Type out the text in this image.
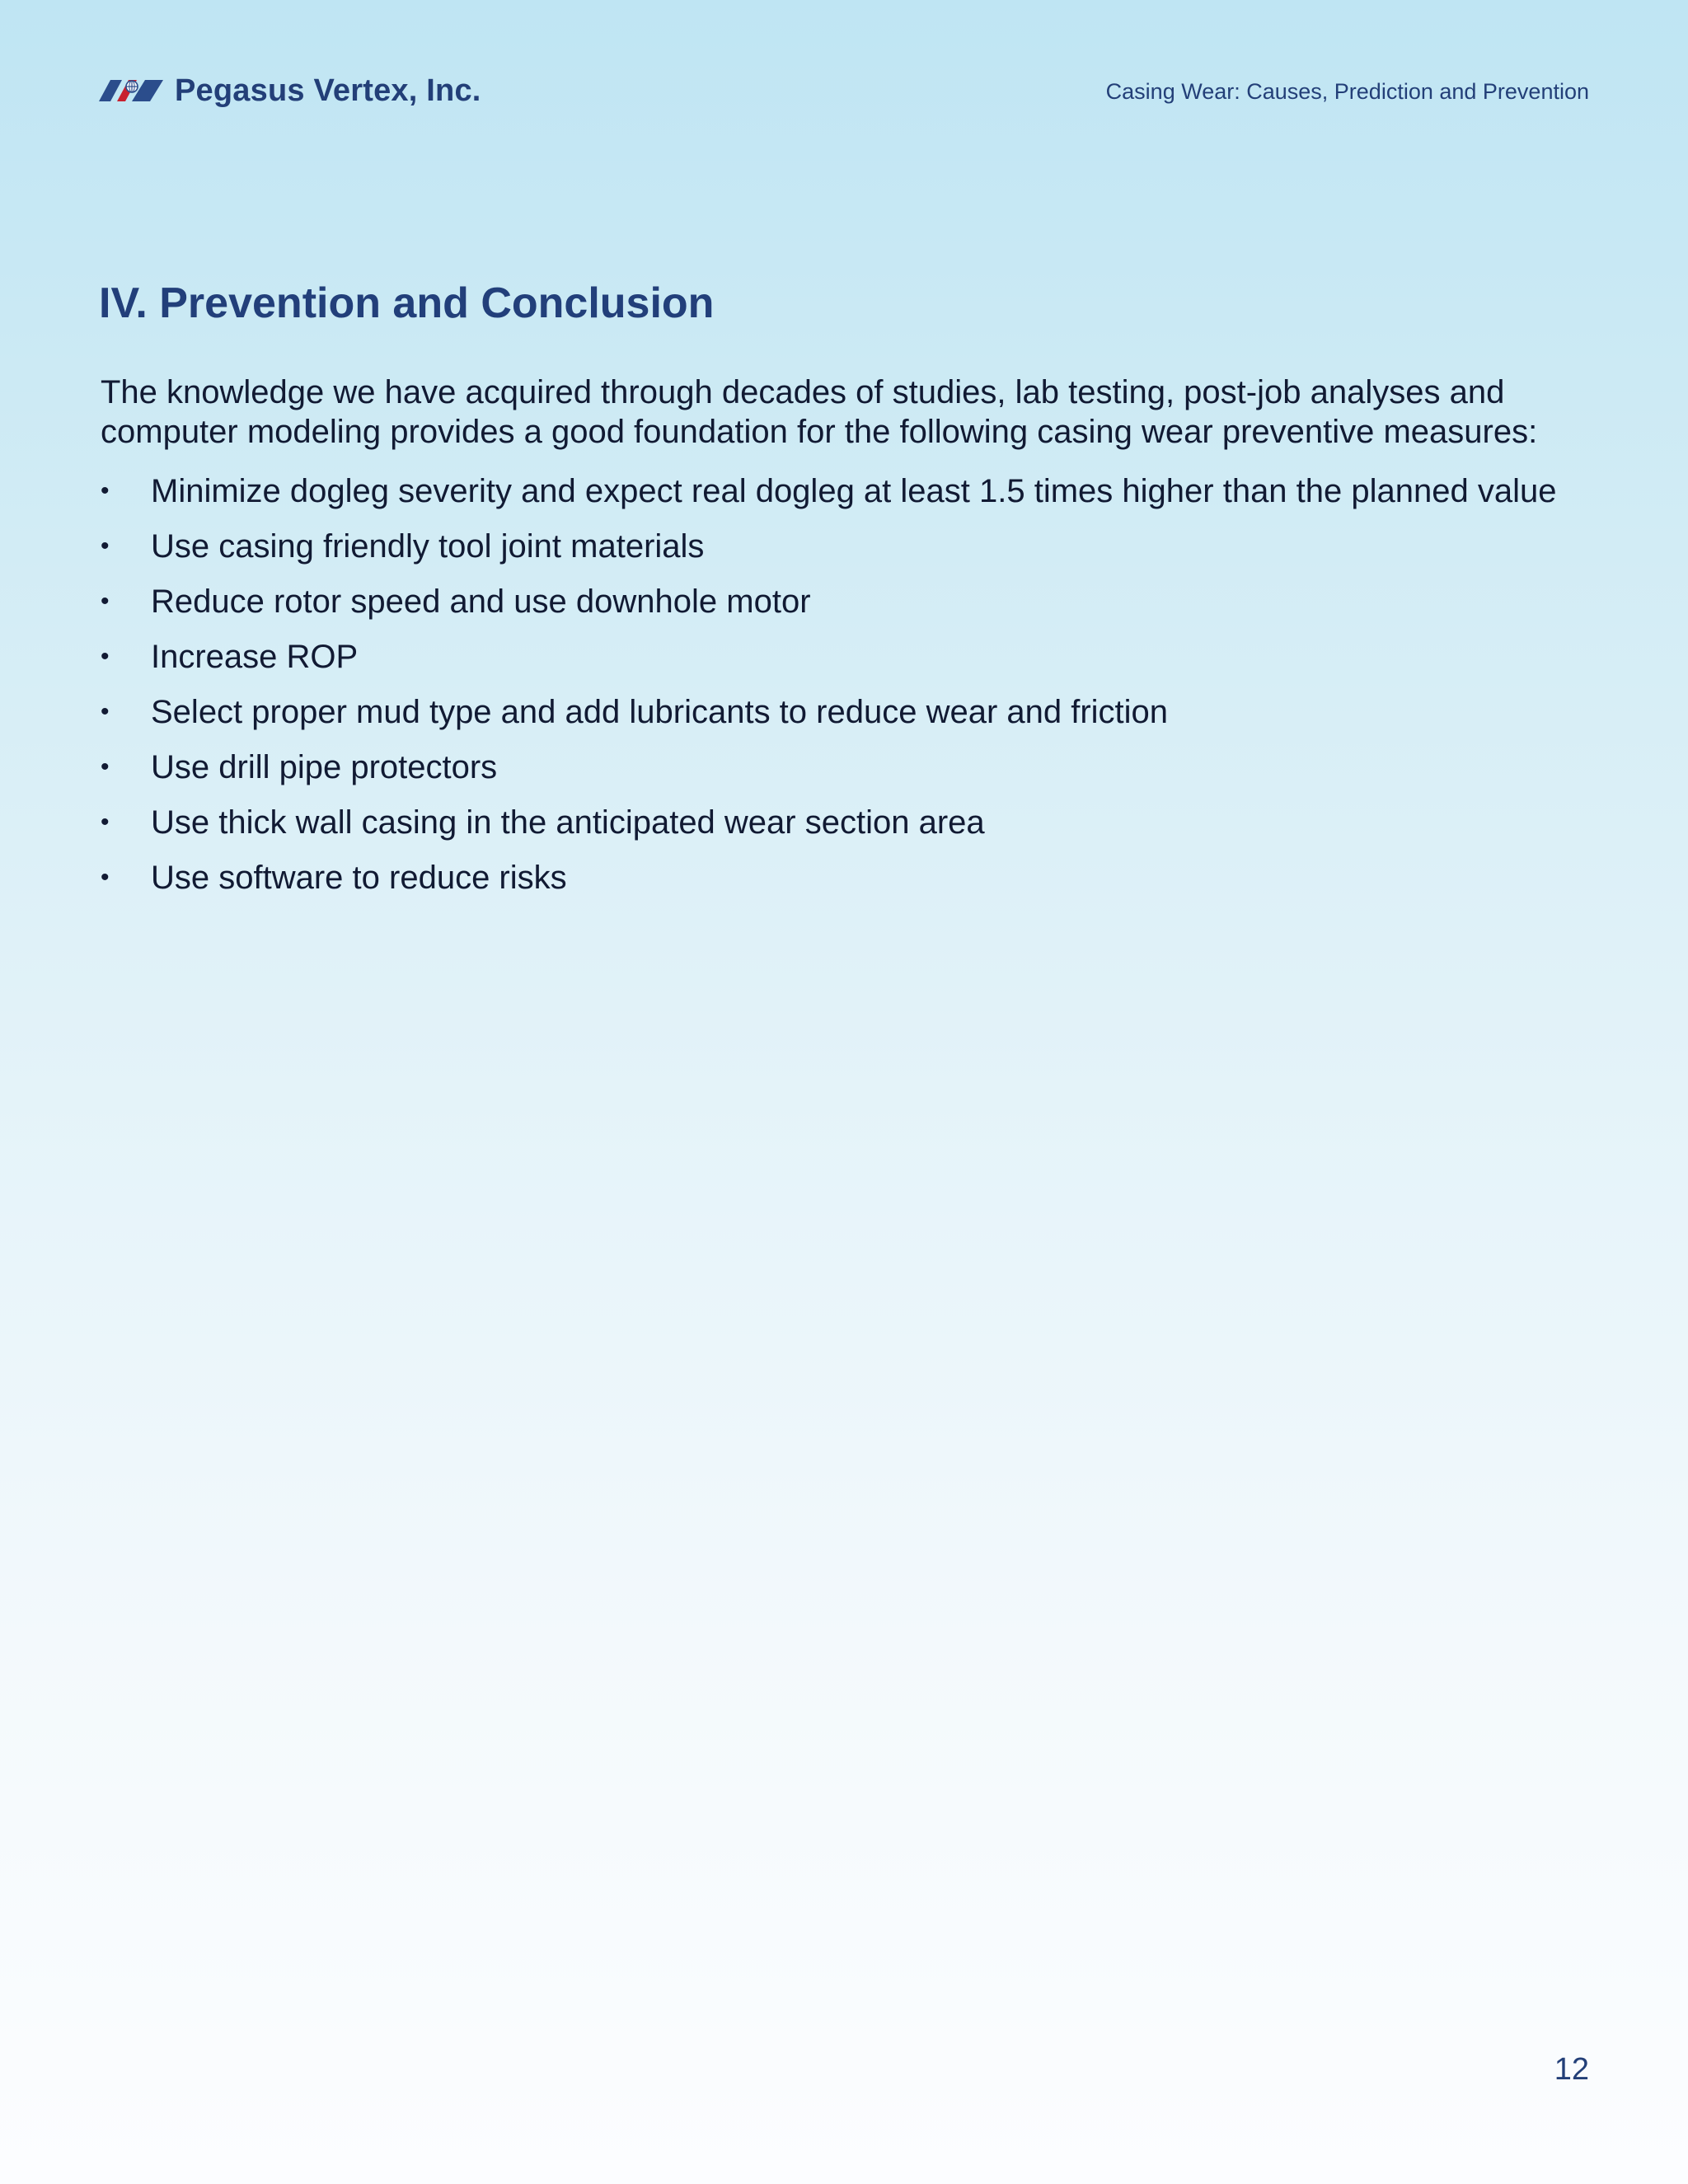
Pegasus Vertex, Inc.	Casing Wear: Causes, Prediction and Prevention
IV. Prevention and Conclusion

The knowledge we have acquired through decades of studies, lab testing, post-job analyses and computer modeling provides a good foundation for the following casing wear preventive measures:

• Minimize dogleg severity and expect real dogleg at least 1.5 times higher than the planned value
• Use casing friendly tool joint materials
• Reduce rotor speed and use downhole motor
• Increase ROP
• Select proper mud type and add lubricants to reduce wear and friction
• Use drill pipe protectors
• Use thick wall casing in the anticipated wear section area
• Use software to reduce risks
12
